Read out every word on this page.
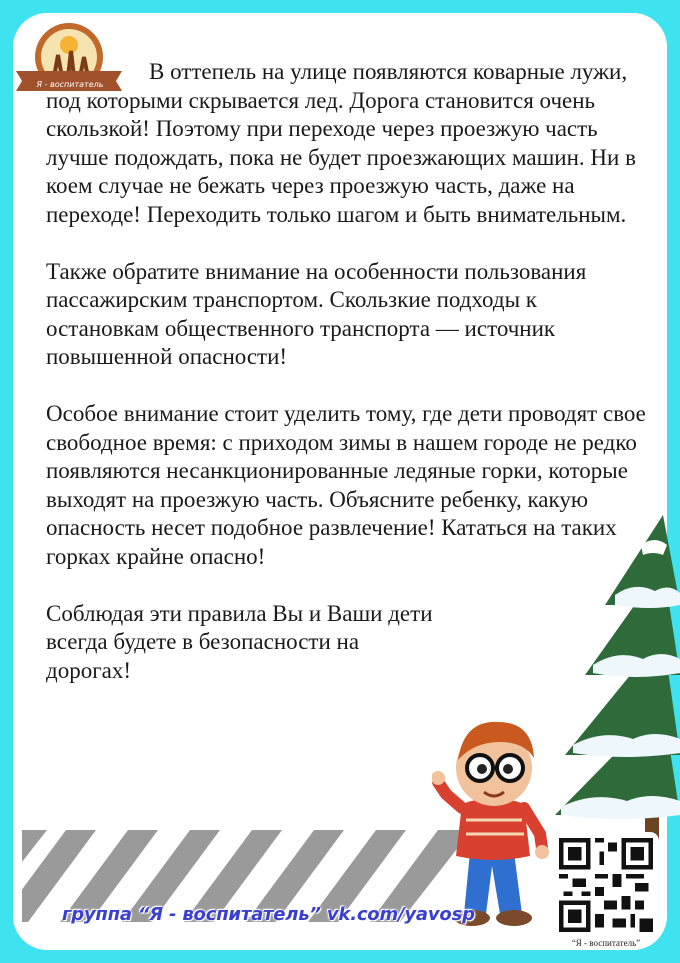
Я - воспитатель

В оттепель на улице появляются коварные лужи, под которыми скрывается лед. Дорога становится очень скользкой! Поэтому при переходе через проезжую часть лучше подождать, пока не будет проезжающих машин. Ни в коем случае не бежать через проезжую часть, даже на переходе! Переходить только шагом и быть внимательным.

Также обратите внимание на особенности пользования пассажирским транспортом. Скользкие подходы к остановкам общественного транспорта — источник повышенной опасности!

Особое внимание стоит уделить тому, где дети проводят свое свободное время: с приходом зимы в нашем городе не редко появляются несанкционированные ледяные горки, которые выходят на проезжую часть. Объясните ребенку, какую опасность несет подобное развлечение! Кататься на таких горках крайне опасно!

Соблюдая эти правила Вы и Ваши дети всегда будете в безопасности на дорогах!

группа “Я - воспитатель” vk.com/yavosp
“Я - воспитатель”
